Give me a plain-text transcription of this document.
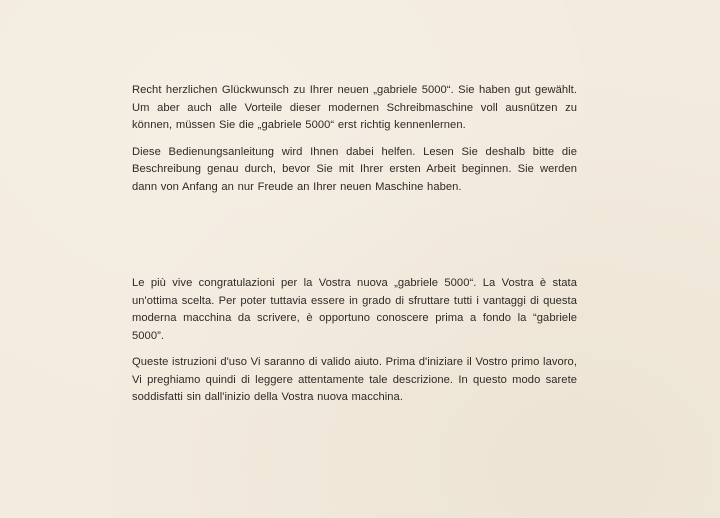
Recht herzlichen Glückwunsch zu Ihrer neuen „gabriele 5000“. Sie haben gut gewählt. Um aber auch alle Vorteile dieser modernen Schreibmaschine voll ausnützen zu können, müssen Sie die „gabriele 5000“ erst richtig kennenlernen.

Diese Bedienungsanleitung wird Ihnen dabei helfen. Lesen Sie deshalb bitte die Beschreibung genau durch, bevor Sie mit Ihrer ersten Arbeit beginnen. Sie werden dann von Anfang an nur Freude an Ihrer neuen Maschine haben.

Le più vive congratulazioni per la Vostra nuova „gabriele 5000“. La Vostra è stata un'ottima scelta. Per poter tuttavia essere in grado di sfruttare tutti i vantaggi di questa moderna macchina da scrivere, è opportuno conoscere prima a fondo la “gabriele 5000”.

Queste istruzioni d'uso Vi saranno di valido aiuto. Prima d'iniziare il Vostro primo lavoro, Vi preghiamo quindi di leggere attentamente tale descrizione. In questo modo sarete soddisfatti sin dall'inizio della Vostra nuova macchina.
